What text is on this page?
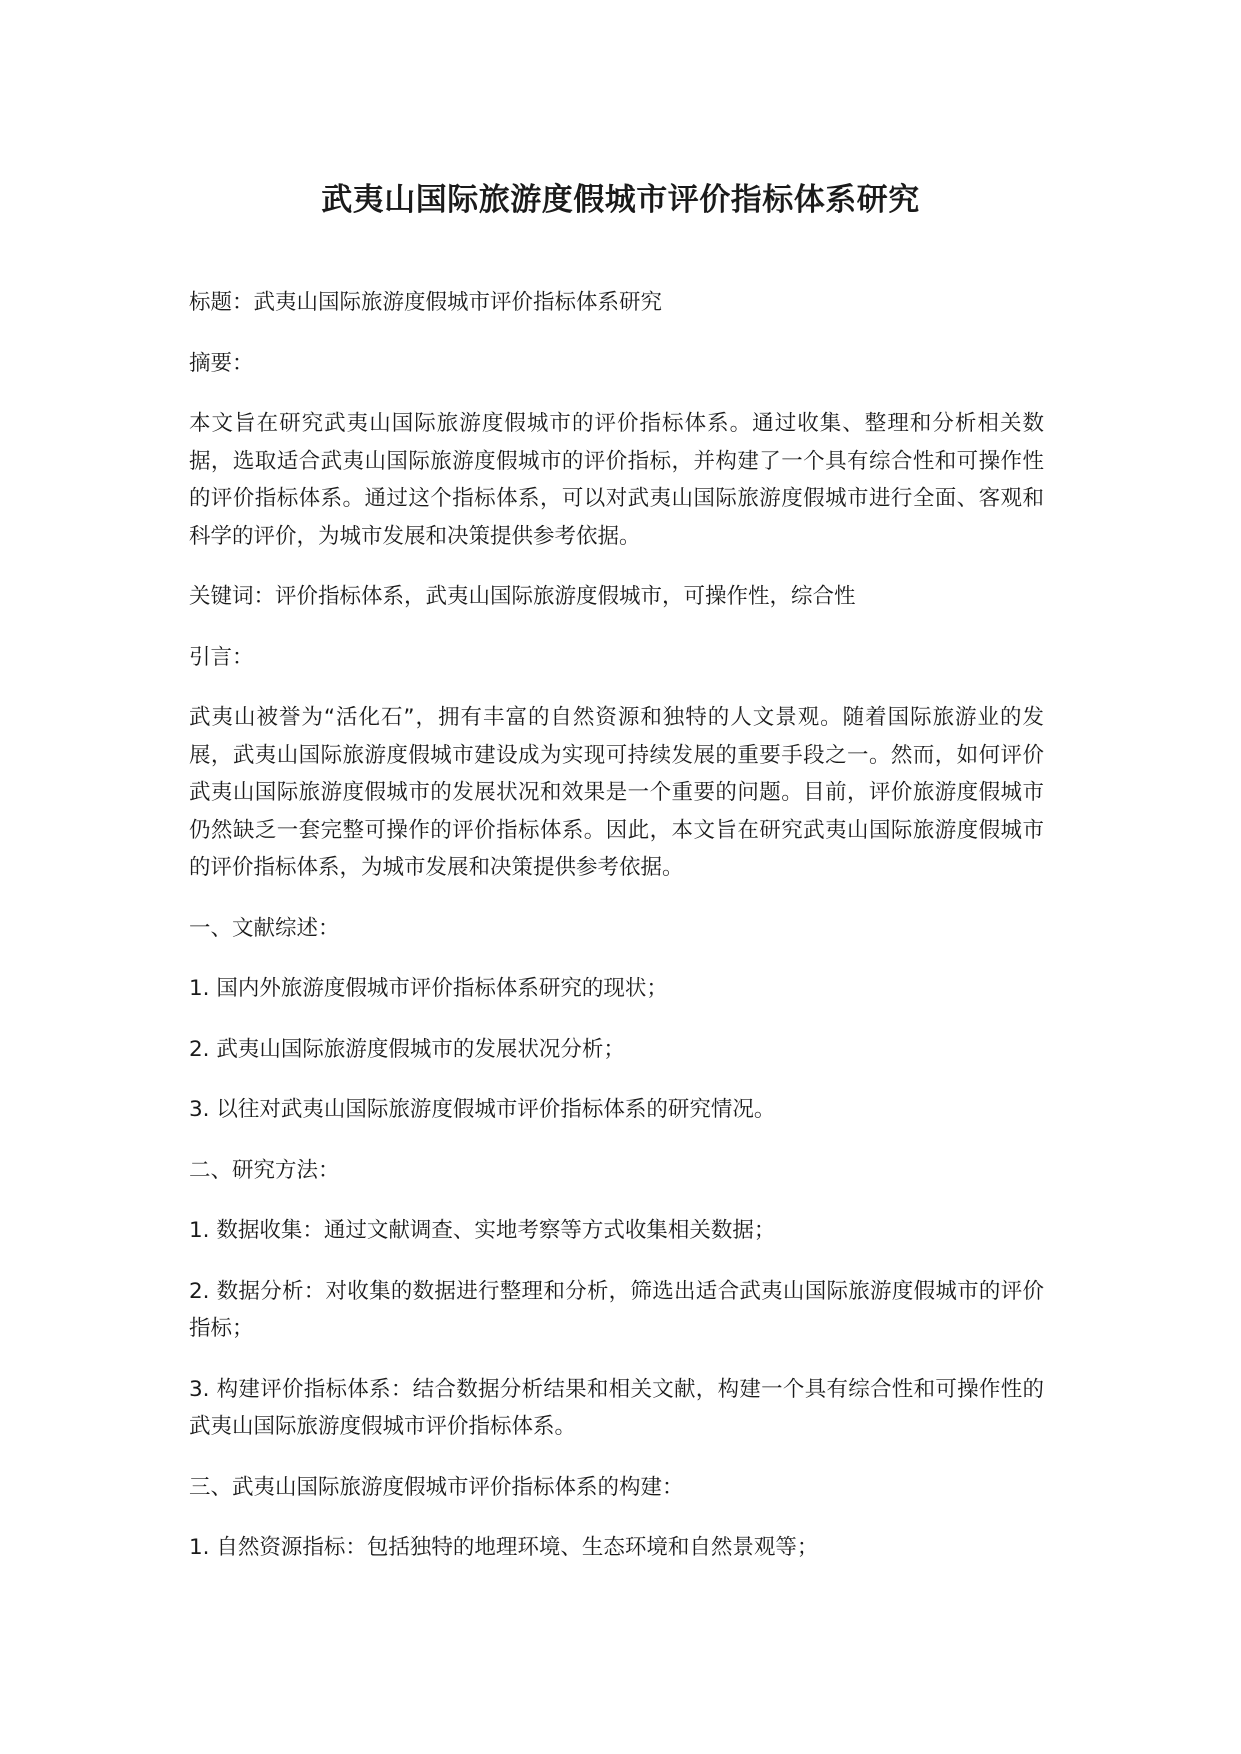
武夷山国际旅游度假城市评价指标体系研究

标题：武夷山国际旅游度假城市评价指标体系研究

摘要：

本文旨在研究武夷山国际旅游度假城市的评价指标体系。通过收集、整理和分析相关数据，选取适合武夷山国际旅游度假城市的评价指标，并构建了一个具有综合性和可操作性的评价指标体系。通过这个指标体系，可以对武夷山国际旅游度假城市进行全面、客观和科学的评价，为城市发展和决策提供参考依据。

关键词：评价指标体系，武夷山国际旅游度假城市，可操作性，综合性

引言：

武夷山被誉为“活化石”，拥有丰富的自然资源和独特的人文景观。随着国际旅游业的发展，武夷山国际旅游度假城市建设成为实现可持续发展的重要手段之一。然而，如何评价武夷山国际旅游度假城市的发展状况和效果是一个重要的问题。目前，评价旅游度假城市仍然缺乏一套完整可操作的评价指标体系。因此，本文旨在研究武夷山国际旅游度假城市的评价指标体系，为城市发展和决策提供参考依据。

一、文献综述：

1. 国内外旅游度假城市评价指标体系研究的现状；

2. 武夷山国际旅游度假城市的发展状况分析；

3. 以往对武夷山国际旅游度假城市评价指标体系的研究情况。

二、研究方法：

1. 数据收集：通过文献调查、实地考察等方式收集相关数据；

2. 数据分析：对收集的数据进行整理和分析，筛选出适合武夷山国际旅游度假城市的评价指标；

3. 构建评价指标体系：结合数据分析结果和相关文献，构建一个具有综合性和可操作性的武夷山国际旅游度假城市评价指标体系。

三、武夷山国际旅游度假城市评价指标体系的构建：

1. 自然资源指标：包括独特的地理环境、生态环境和自然景观等；
